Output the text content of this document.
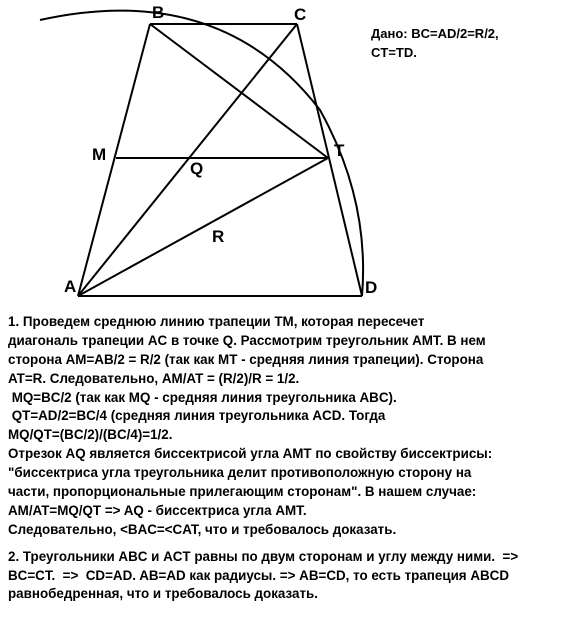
B	C
M
Q
T
R
A	D
Дано: BC=AD/2=R/2,
CT=TD.
1. Проведем среднюю линию трапеции TM, которая пересечет
диагональ трапеции AC в точке Q. Рассмотрим треугольник AMT. В нем
сторона AM=AB/2 = R/2 (так как MT - средняя линия трапеции). Сторона
AT=R. Следовательно, AM/AT = (R/2)/R = 1/2.
MQ=BC/2 (так как MQ - средняя линия треугольника ABC).
QT=AD/2=BC/4 (средняя линия треугольника ACD. Тогда
MQ/QT=(BC/2)/(BC/4)=1/2.
Отрезок AQ является биссектрисой угла AMT по свойству биссектрисы:
"биссектриса угла треугольника делит противоположную сторону на
части, пропорциональные прилегающим сторонам". В нашем случае:
AM/AT=MQ/QT => AQ - биссектриса угла AMT.
Следовательно, <BAC=<CAT, что и требовалось доказать.
2. Треугольники ABC и ACT равны по двум сторонам и углу между ними.  =>
BC=CT.  =>  CD=AD. AB=AD как радиусы. => AB=CD, то есть трапеция ABCD
равнобедренная, что и требовалось доказать.
